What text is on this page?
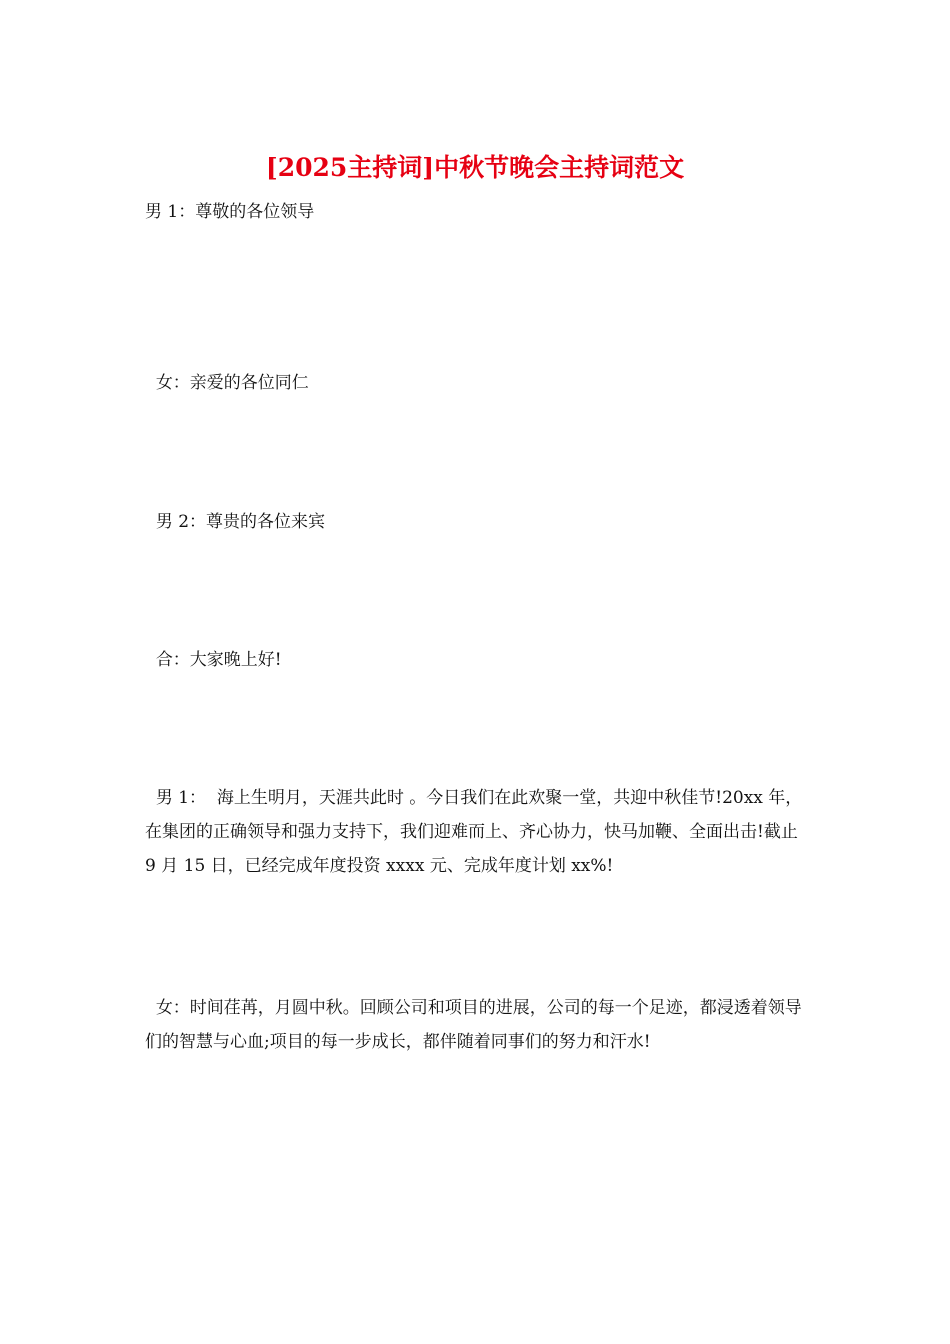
[2025主持词]中秋节晚会主持词范文

男 1：尊敬的各位领导

女：亲爱的各位同仁

男 2：尊贵的各位来宾

合：大家晚上好!

男 1：  海上生明月，天涯共此时 。今日我们在此欢聚一堂，共迎中秋佳节!20xx 年，在集团的正确领导和强力支持下，我们迎难而上、齐心协力，快马加鞭、全面出击!截止 9 月 15 日，已经完成年度投资 xxxx 元、完成年度计划 xx%!

女：时间荏苒，月圆中秋。回顾公司和项目的进展，公司的每一个足迹，都浸透着领导们的智慧与心血;项目的每一步成长，都伴随着同事们的努力和汗水!
